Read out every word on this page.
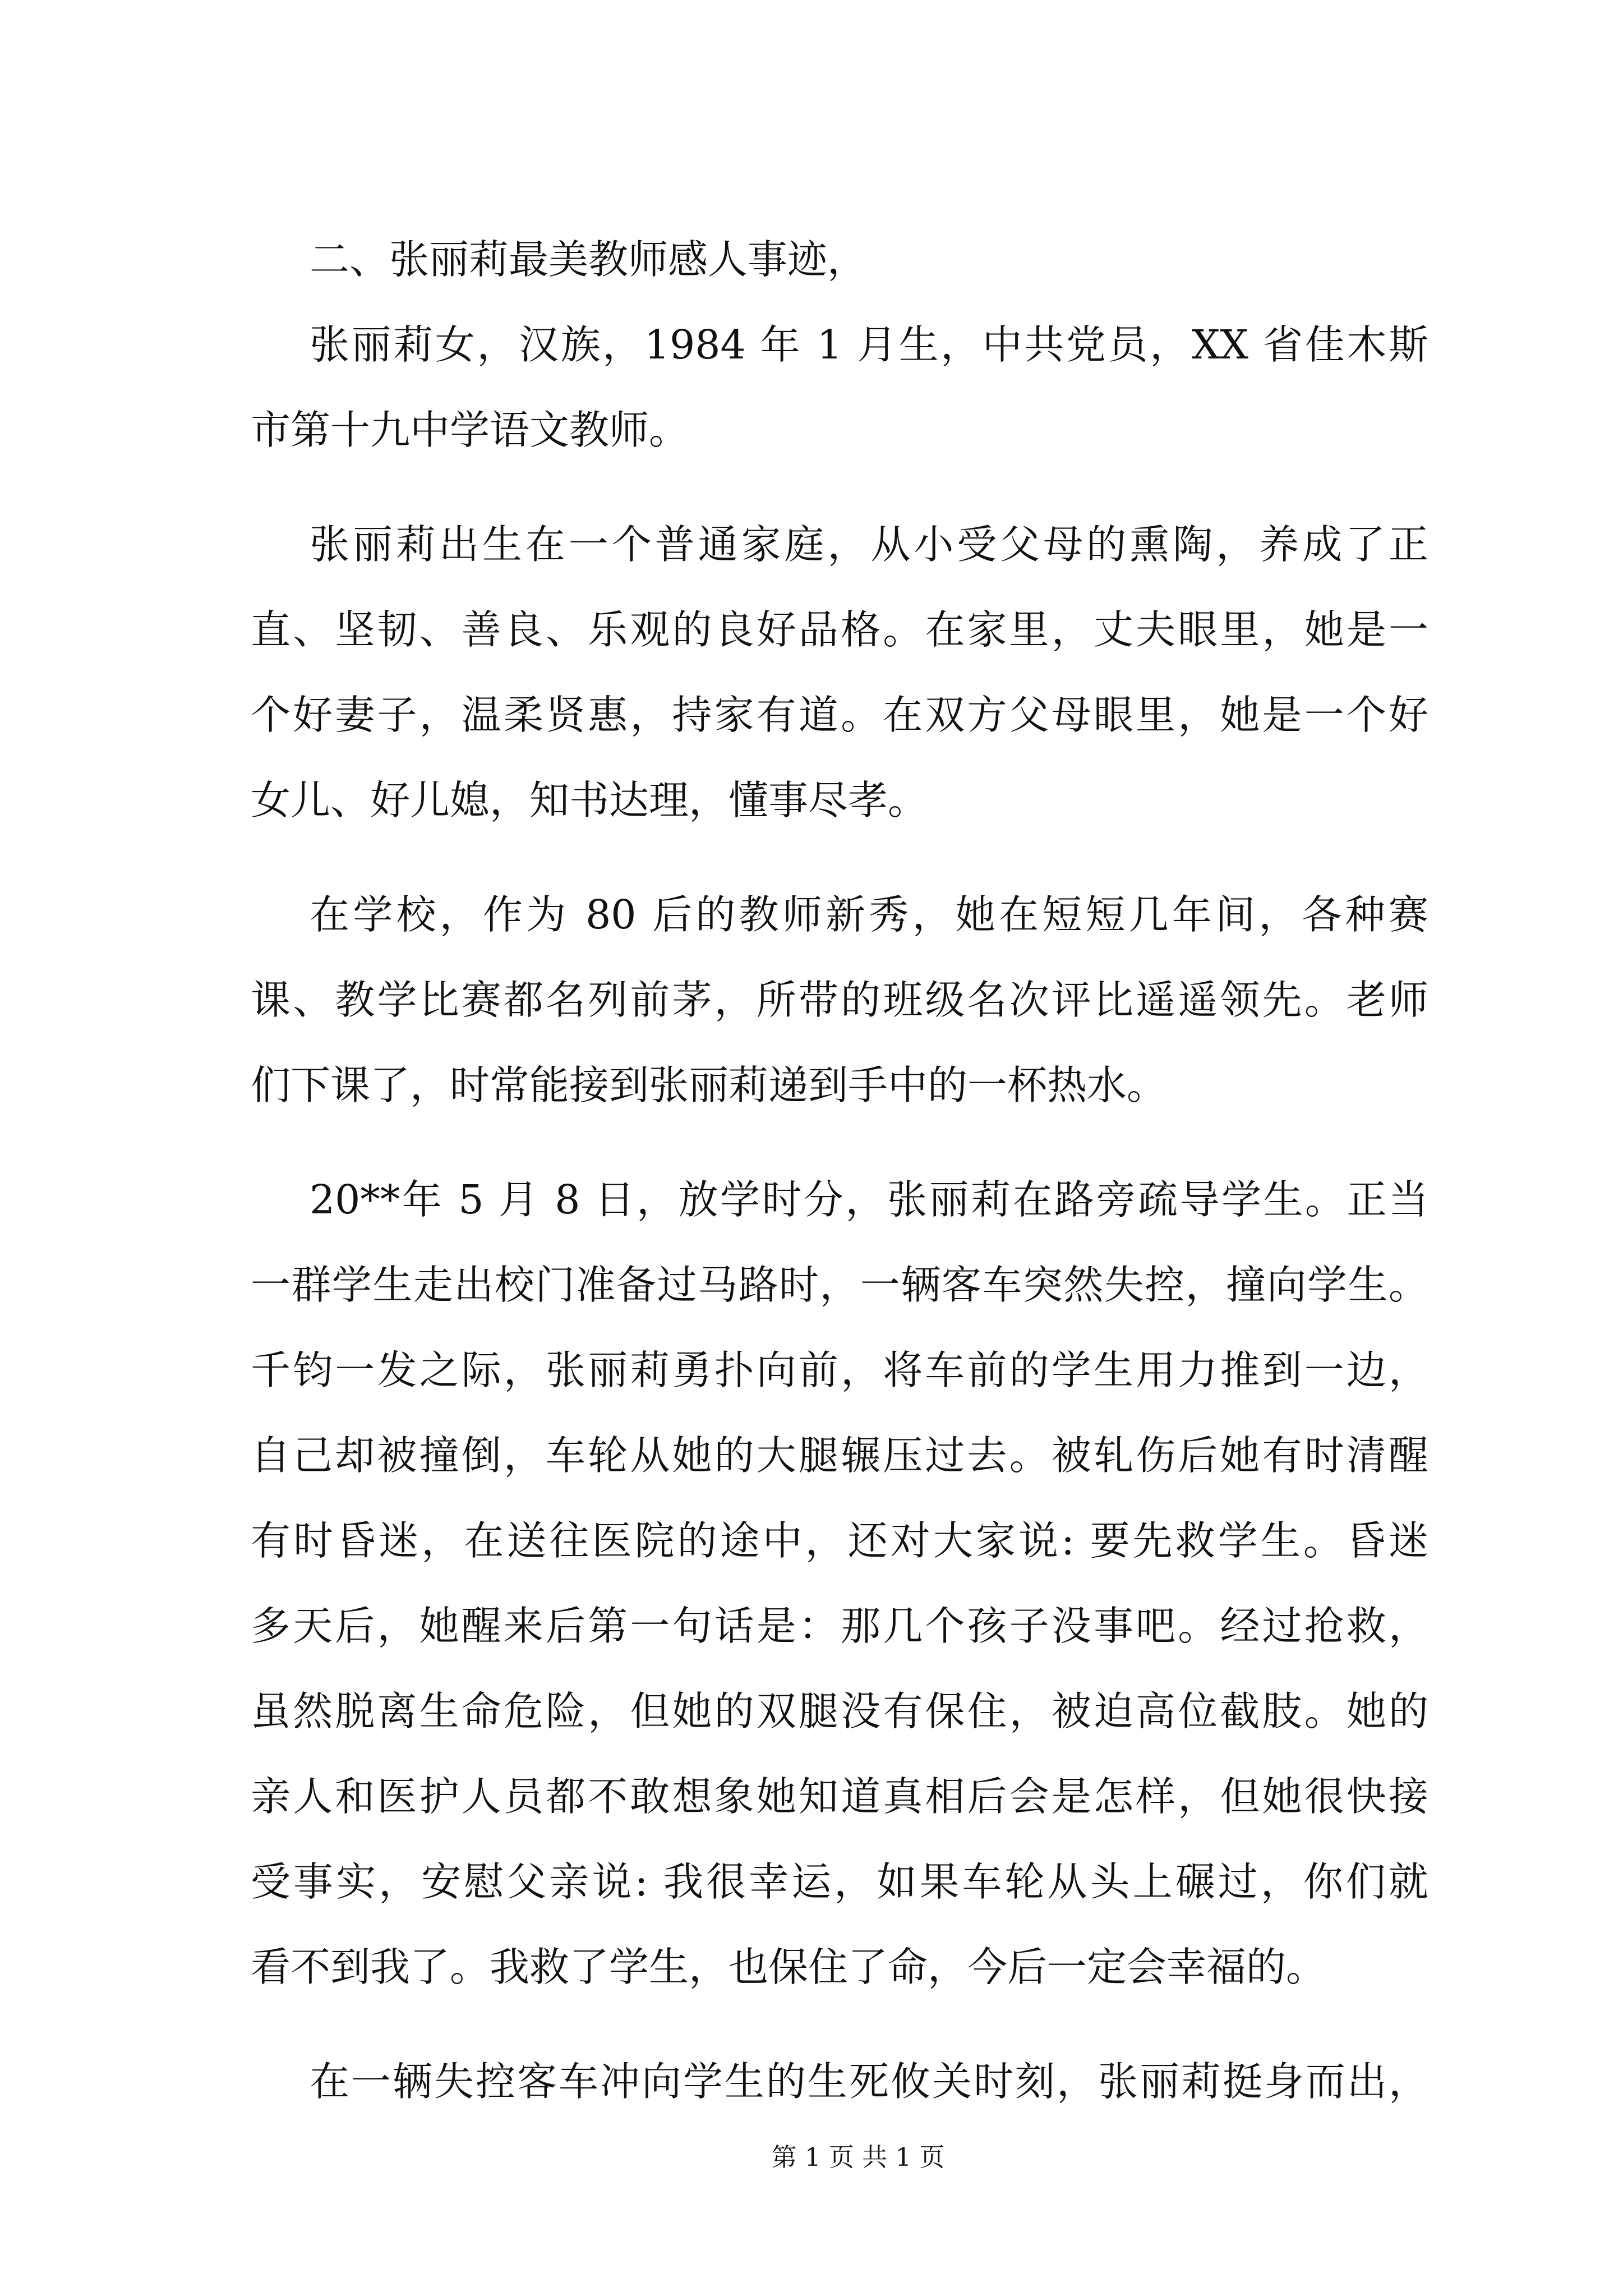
二、张丽莉最美教师感人事迹，
张丽莉女，汉族，1984 年 1 月生，中共党员，XX 省佳木斯
市第十九中学语文教师。
张丽莉出生在一个普通家庭，从小受父母的熏陶，养成了正
直、坚韧、善良、乐观的良好品格。在家里，丈夫眼里，她是一
个好妻子，温柔贤惠，持家有道。在双方父母眼里，她是一个好
女儿、好儿媳，知书达理，懂事尽孝。
在学校，作为 80 后的教师新秀，她在短短几年间，各种赛
课、教学比赛都名列前茅，所带的班级名次评比遥遥领先。老师
们下课了，时常能接到张丽莉递到手中的一杯热水。
20**年 5 月 8 日，放学时分，张丽莉在路旁疏导学生。正当
一群学生走出校门准备过马路时，一辆客车突然失控，撞向学生。
千钧一发之际，张丽莉勇扑向前，将车前的学生用力推到一边，
自己却被撞倒，车轮从她的大腿辗压过去。被轧伤后她有时清醒
有时昏迷，在送往医院的途中，还对大家说: 要先救学生。昏迷
多天后，她醒来后第一句话是：那几个孩子没事吧。经过抢救，
虽然脱离生命危险，但她的双腿没有保住，被迫高位截肢。她的
亲人和医护人员都不敢想象她知道真相后会是怎样，但她很快接
受事实，安慰父亲说: 我很幸运，如果车轮从头上碾过，你们就
看不到我了。我救了学生，也保住了命，今后一定会幸福的。
在一辆失控客车冲向学生的生死攸关时刻，张丽莉挺身而出，
第 1 页 共 1 页
